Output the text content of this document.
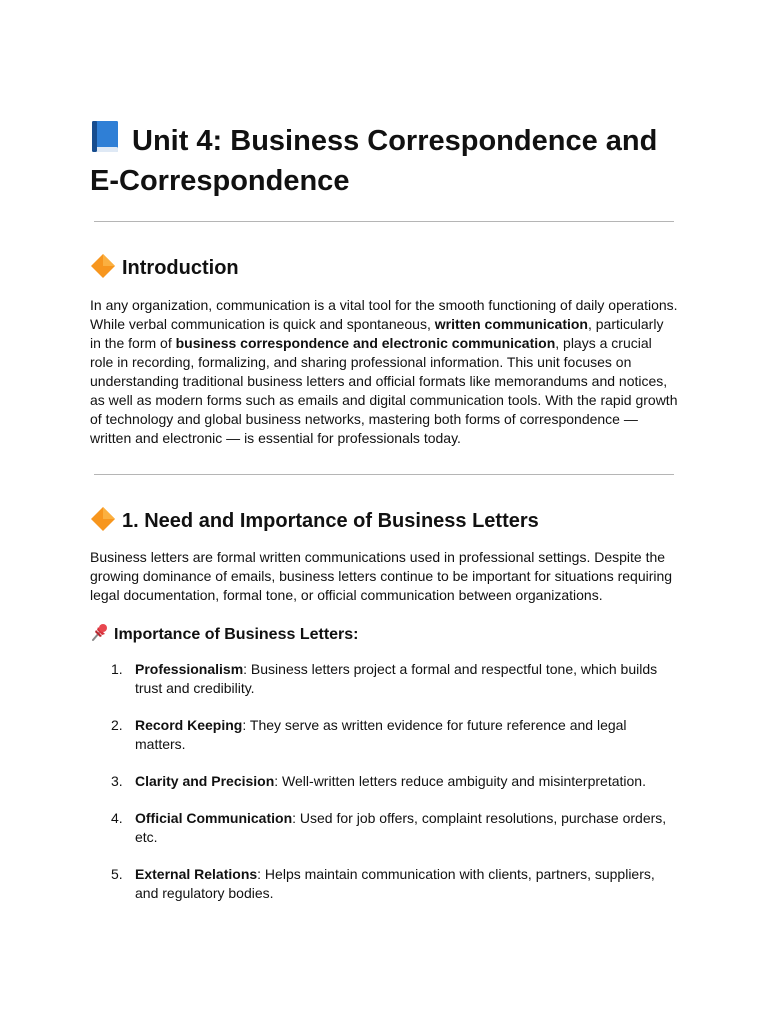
Unit 4: Business Correspondence and E-Correspondence
Introduction

In any organization, communication is a vital tool for the smooth functioning of daily operations. While verbal communication is quick and spontaneous, written communication, particularly in the form of business correspondence and electronic communication, plays a crucial role in recording, formalizing, and sharing professional information. This unit focuses on understanding traditional business letters and official formats like memorandums and notices, as well as modern forms such as emails and digital communication tools. With the rapid growth of technology and global business networks, mastering both forms of correspondence — written and electronic — is essential for professionals today.

1. Need and Importance of Business Letters

Business letters are formal written communications used in professional settings. Despite the growing dominance of emails, business letters continue to be important for situations requiring legal documentation, formal tone, or official communication between organizations.

Importance of Business Letters:
1. Professionalism: Business letters project a formal and respectful tone, which builds trust and credibility.
2. Record Keeping: They serve as written evidence for future reference and legal matters.
3. Clarity and Precision: Well-written letters reduce ambiguity and misinterpretation.
4. Official Communication: Used for job offers, complaint resolutions, purchase orders, etc.
5. External Relations: Helps maintain communication with clients, partners, suppliers, and regulatory bodies.
